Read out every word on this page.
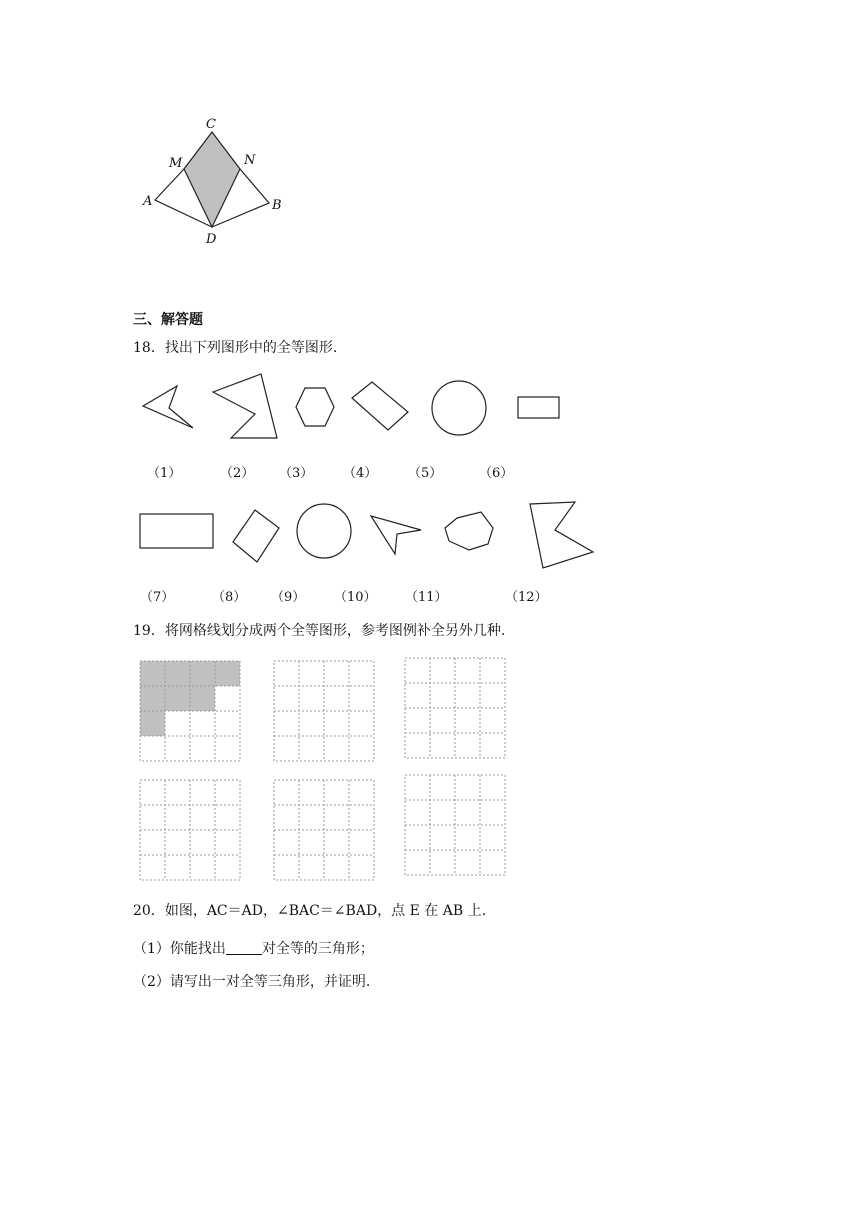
C
M	N
A	B
D
三、解答题
18．找出下列图形中的全等图形.
（1）	（2） （3） （4） （5）	（6）
（7）	（8） （9） （10） （11）	（12）
19．将网格线划分成两个全等图形，参考图例补全另外几种.
20．如图，AC＝AD，∠BAC＝∠BAD，点 E 在 AB 上.
（1）你能找出	对全等的三角形；
（2）请写出一对全等三角形，并证明.
